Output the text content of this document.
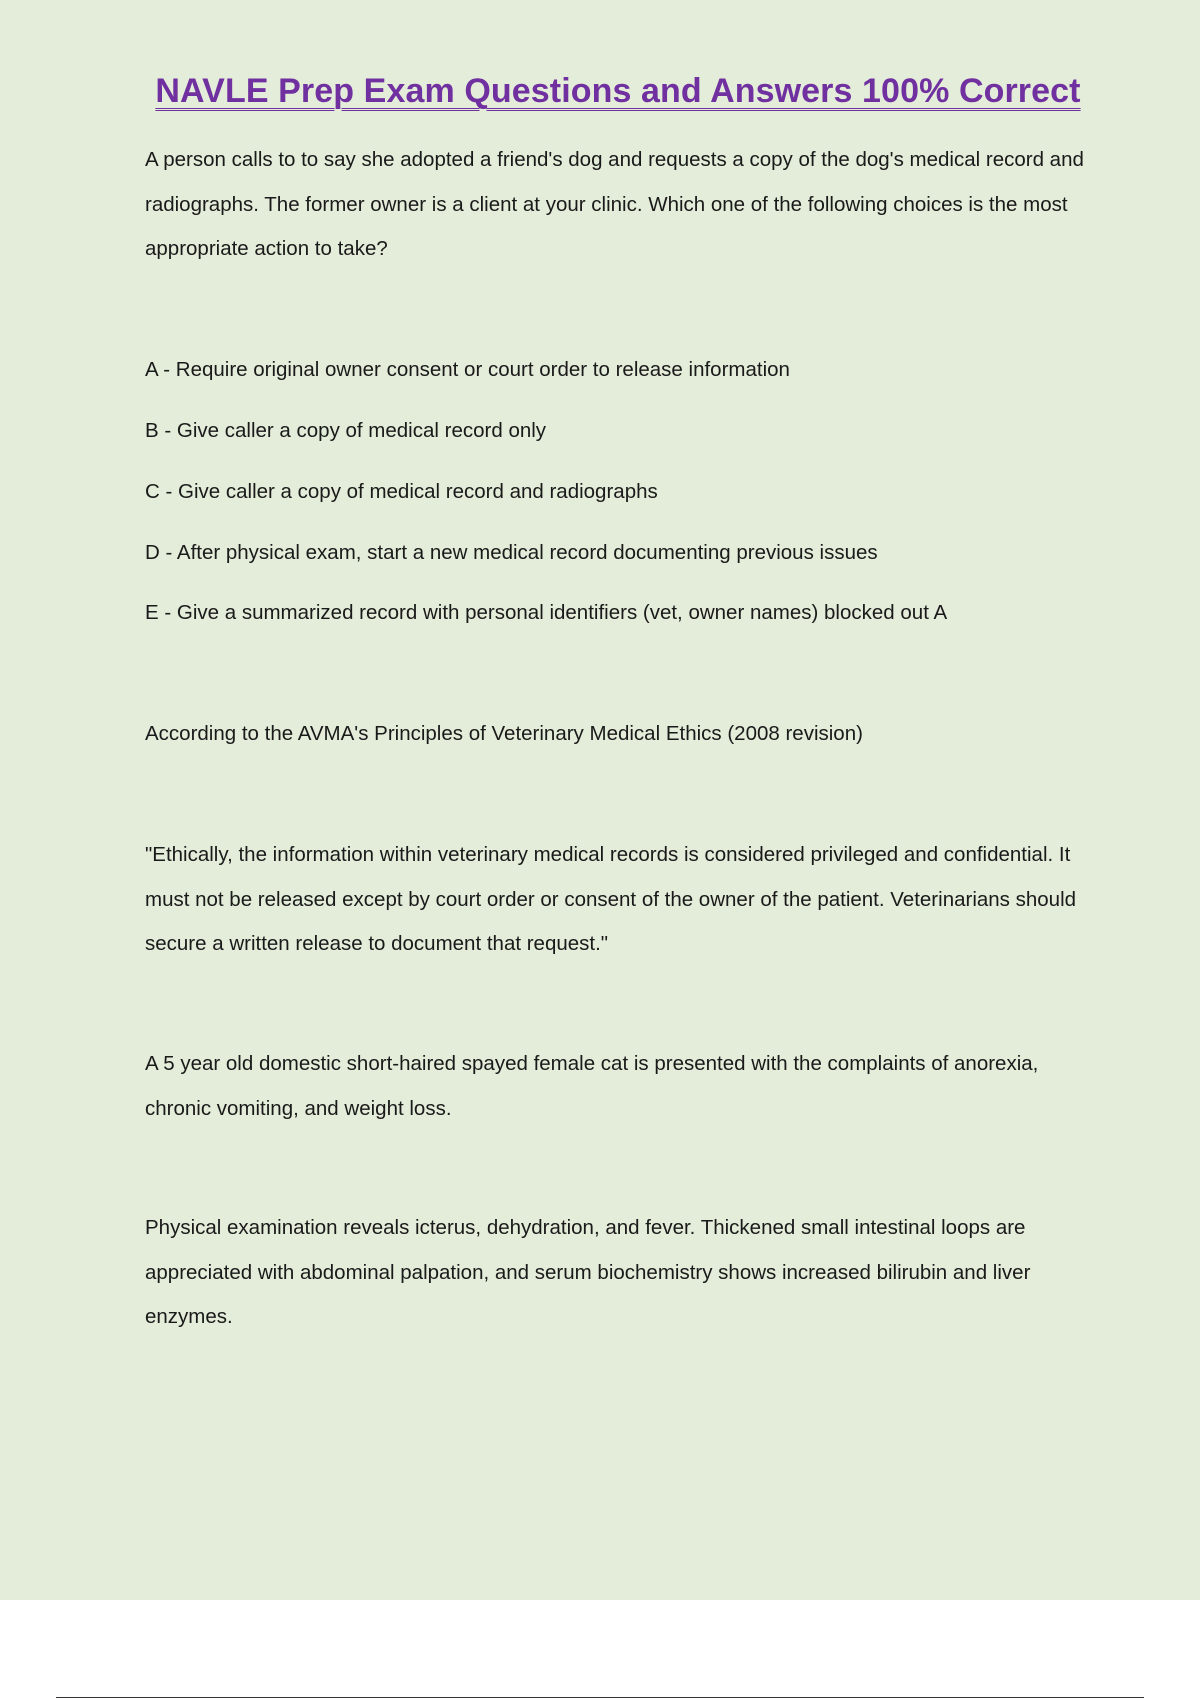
NAVLE Prep Exam Questions and Answers 100% Correct

A person calls to to say she adopted a friend's dog and requests a copy of the dog's medical record and radiographs. The former owner is a client at your clinic. Which one of the following choices is the most appropriate action to take?

A - Require original owner consent or court order to release information

B - Give caller a copy of medical record only

C - Give caller a copy of medical record and radiographs

D - After physical exam, start a new medical record documenting previous issues

E - Give a summarized record with personal identifiers (vet, owner names) blocked out A

According to the AVMA's Principles of Veterinary Medical Ethics (2008 revision)

"Ethically, the information within veterinary medical records is considered privileged and confidential. It must not be released except by court order or consent of the owner of the patient. Veterinarians should secure a written release to document that request."

A 5 year old domestic short-haired spayed female cat is presented with the complaints of anorexia, chronic vomiting, and weight loss.

Physical examination reveals icterus, dehydration, and fever. Thickened small intestinal loops are appreciated with abdominal palpation, and serum biochemistry shows increased bilirubin and liver enzymes.
